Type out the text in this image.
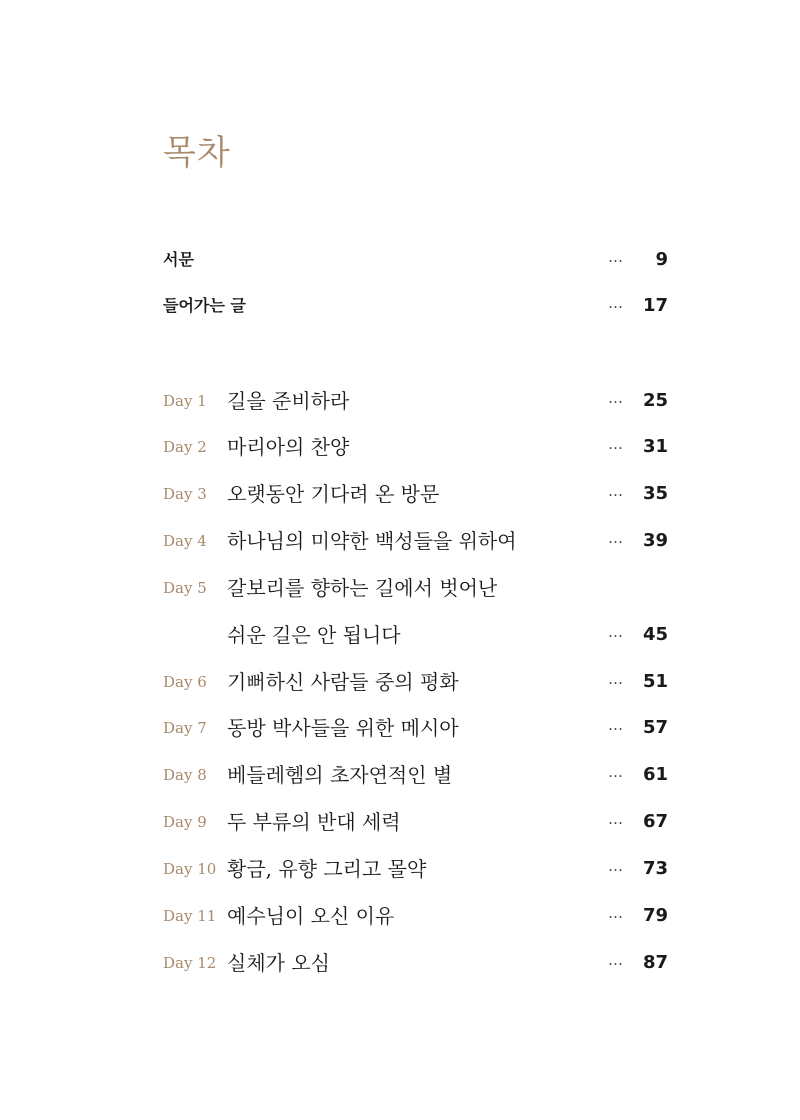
목차
서문	… 9
들어가는 글	… 17
Day 1 길을 준비하라	… 25
Day 2 마리아의 찬양	… 31
Day 3 오랫동안 기다려 온 방문	… 35
Day 4 하나님의 미약한 백성들을 위하여	… 39
Day 5 갈보리를 향하는 길에서 벗어난
쉬운 길은 안 됩니다	… 45
Day 6 기뻐하신 사람들 중의 평화	… 51
Day 7 동방 박사들을 위한 메시아	… 57
Day 8 베들레헴의 초자연적인 별	… 61
Day 9 두 부류의 반대 세력	… 67
Day 10 황금, 유향 그리고 몰약	… 73
Day 11 예수님이 오신 이유	… 79
Day 12 실체가 오심	… 87
